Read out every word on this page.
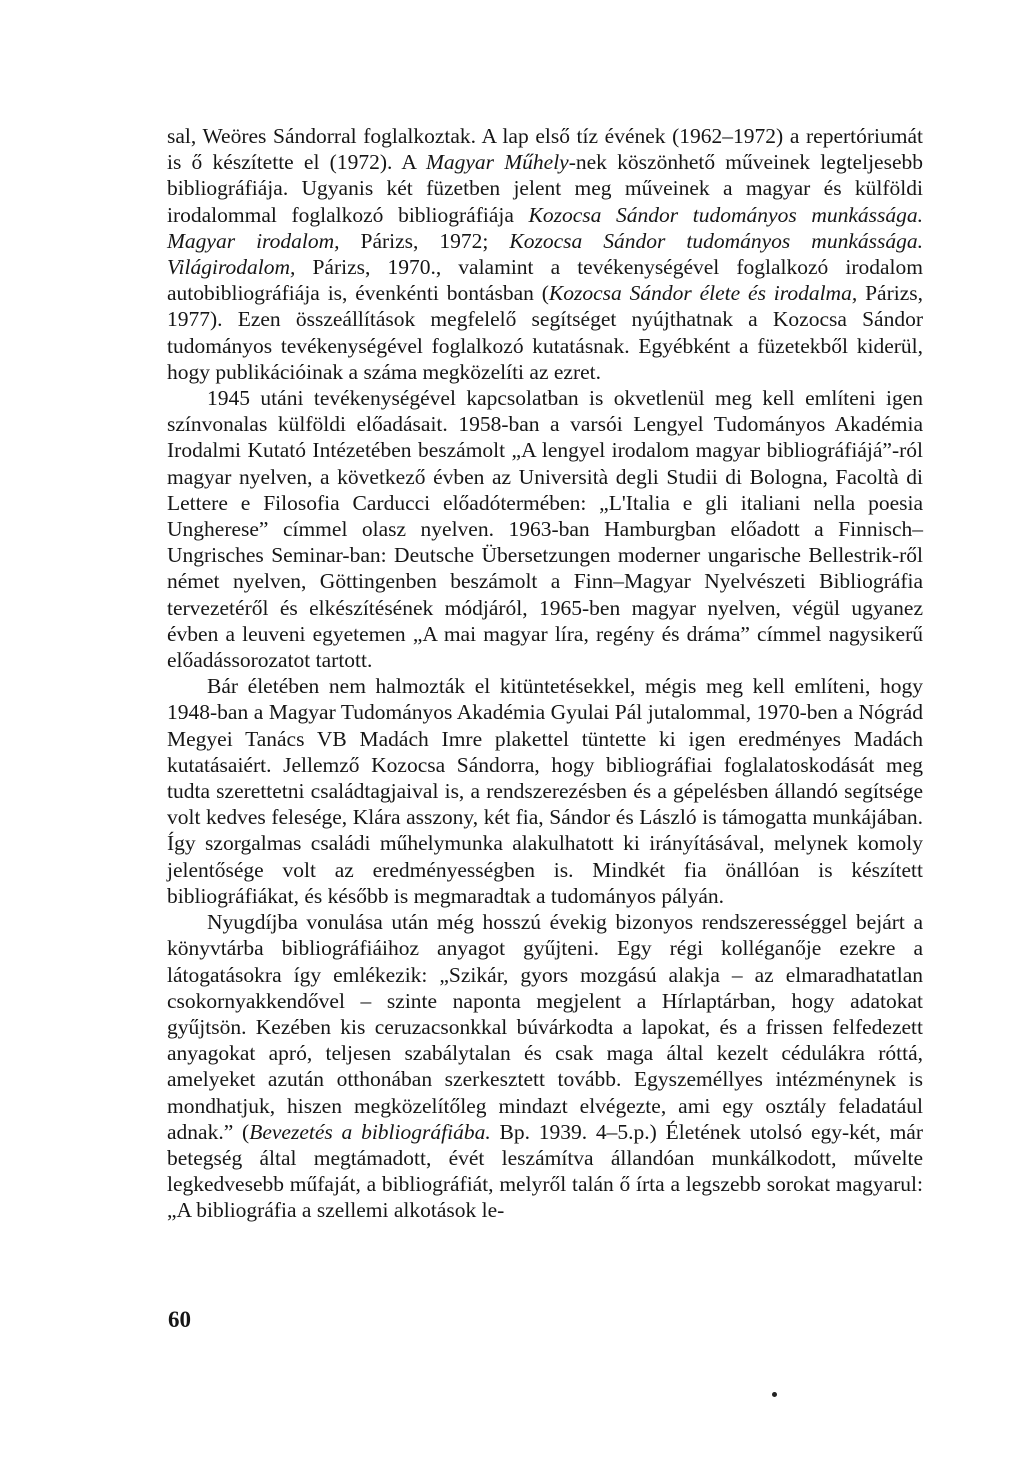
sal, Weöres Sándorral foglalkoztak. A lap első tíz évének (1962–1972) a repertóriumát is ő készítette el (1972). A Magyar Műhely-nek köszönhető műveinek legteljesebb bibliográfiája. Ugyanis két füzetben jelent meg műveinek a magyar és külföldi irodalommal foglalkozó bibliográfiája Kozocsa Sándor tudományos munkássága. Magyar irodalom, Párizs, 1972; Kozocsa Sándor tudományos munkássága. Világirodalom, Párizs, 1970., valamint a tevékenységével foglalkozó irodalom autobibliográfiája is, évenkénti bontásban (Kozocsa Sándor élete és irodalma, Párizs, 1977). Ezen összeállítások megfelelő segítséget nyújthatnak a Kozocsa Sándor tudományos tevékenységével foglalkozó kutatásnak. Egyébként a füzetekből kiderül, hogy publikációinak a száma megközelíti az ezret.

1945 utáni tevékenységével kapcsolatban is okvetlenül meg kell említeni igen színvonalas külföldi előadásait. 1958-ban a varsói Lengyel Tudományos Akadémia Irodalmi Kutató Intézetében beszámolt „A lengyel irodalom magyar bibliográfiájá”-ról magyar nyelven, a következő évben az Università degli Studii di Bologna, Facoltà di Lettere e Filosofia Carducci előadótermében: „L'Italia e gli italiani nella poesia Ungherese” címmel olasz nyelven. 1963-ban Hamburgban előadott a Finnisch–Ungrisches Seminar-ban: Deutsche Übersetzungen moderner ungarische Bellestrik-ről német nyelven, Göttingenben beszámolt a Finn–Magyar Nyelvészeti Bibliográfia tervezetéről és elkészítésének módjáról, 1965-ben magyar nyelven, végül ugyanez évben a leuveni egyetemen „A mai magyar líra, regény és dráma” címmel nagysikerű előadássorozatot tartott.

Bár életében nem halmozták el kitüntetésekkel, mégis meg kell említeni, hogy 1948-ban a Magyar Tudományos Akadémia Gyulai Pál jutalommal, 1970-ben a Nógrád Megyei Tanács VB Madách Imre plakettel tüntette ki igen eredményes Madách kutatásaiért. Jellemző Kozocsa Sándorra, hogy bibliográfiai foglalatoskodását meg tudta szerettetni családtagjaival is, a rendszerezésben és a gépelésben állandó segítsége volt kedves felesége, Klára asszony, két fia, Sándor és László is támogatta munkájában. Így szorgalmas családi műhelymunka alakulhatott ki irányításával, melynek komoly jelentősége volt az eredményességben is. Mindkét fia önállóan is készített bibliográfiákat, és később is megmaradtak a tudományos pályán.

Nyugdíjba vonulása után még hosszú évekig bizonyos rendszerességgel bejárt a könyvtárba bibliográfiáihoz anyagot gyűjteni. Egy régi kolléganője ezekre a látogatásokra így emlékezik: „Szikár, gyors mozgású alakja – az elmaradhatatlan csokornyakkendővel – szinte naponta megjelent a Hírlaptárban, hogy adatokat gyűjtsön. Kezében kis ceruzacsonkkal búvárkodta a lapokat, és a frissen felfedezett anyagokat apró, teljesen szabálytalan és csak maga által kezelt cédulákra róttá, amelyeket azután otthonában szerkesztett tovább. Egyszeméllyes intézménynek is mondhatjuk, hiszen megközelítőleg mindazt elvégezte, ami egy osztály feladatául adnak.” (Bevezetés a bibliográfiába. Bp. 1939. 4–5.p.) Életének utolsó egy-két, már betegség által megtámadott, évét leszámítva állandóan munkálkodott, művelte legkedvesebb műfaját, a bibliográfiát, melyről talán ő írta a legszebb sorokat magyarul: „A bibliográfia a szellemi alkotások le-

60
